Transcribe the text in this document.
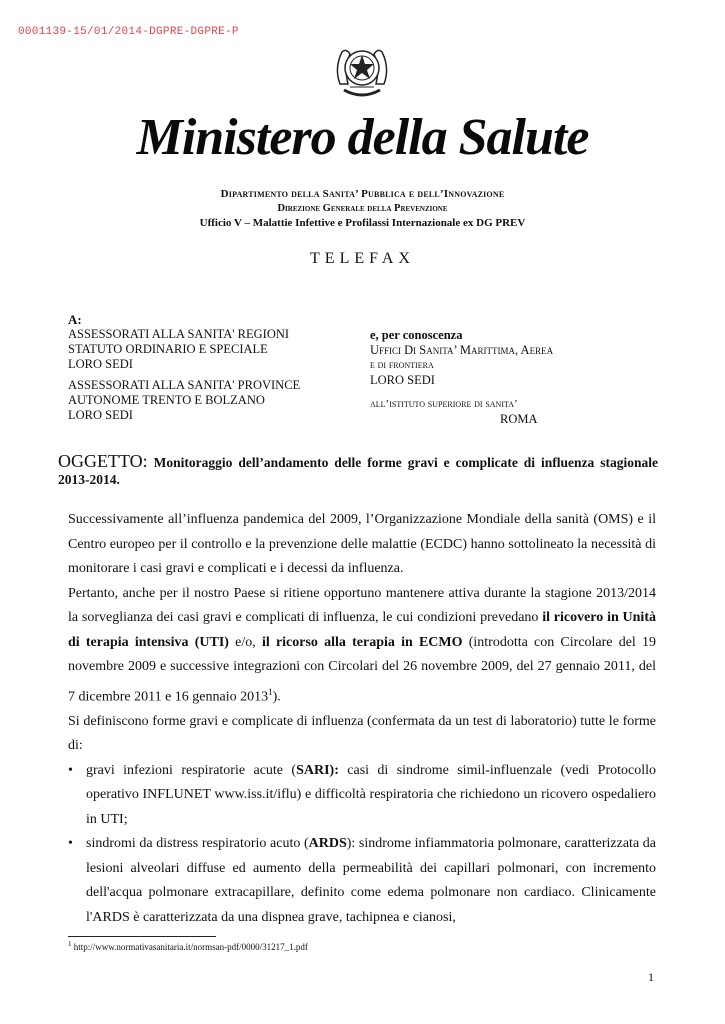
0001139-15/01/2014-DGPRE-DGPRE-P
Ministero della Salute
Dipartimento della Sanita’ Pubblica e dell’Innovazione
Direzione Generale della Prevenzione
Ufficio V – Malattie Infettive e Profilassi Internazionale ex DG PREV
TELEFAX
A:
ASSESSORATI ALLA SANITA' REGIONI
STATUTO ORDINARIO E SPECIALE
LORO SEDI
ASSESSORATI ALLA SANITA' PROVINCE
AUTONOME TRENTO E BOLZANO
LORO SEDI
e, per conoscenza
Uffici Di Sanita’ Marittima, Aerea
e di frontiera
LORO SEDI
all’istituto superiore di sanita’
ROMA
OGGETTO: Monitoraggio dell’andamento delle forme gravi e complicate di influenza stagionale 2013-2014.

Successivamente all’influenza pandemica del 2009, l’Organizzazione Mondiale della sanità (OMS) e il Centro europeo per il controllo e la prevenzione delle malattie (ECDC) hanno sottolineato la necessità di monitorare i casi gravi e complicati e i decessi da influenza.

Pertanto, anche per il nostro Paese si ritiene opportuno mantenere attiva durante la stagione 2013/2014 la sorveglianza dei casi gravi e complicati di influenza, le cui condizioni prevedano il ricovero in Unità di terapia intensiva (UTI) e/o, il ricorso alla terapia in ECMO (introdotta con Circolare del 19 novembre 2009 e successive integrazioni con Circolari del 26 novembre 2009, del 27 gennaio 2011, del 7 dicembre 2011 e 16 gennaio 2013$^1$).

Si definiscono forme gravi e complicate di influenza (confermata da un test di laboratorio) tutte le forme di:

• gravi infezioni respiratorie acute (SARI): casi di sindrome simil-influenzale (vedi Protocollo operativo INFLUNET www.iss.it/iflu) e difficoltà respiratoria che richiedono un ricovero ospedaliero in UTI;
• sindromi da distress respiratorio acuto (ARDS): sindrome infiammatoria polmonare, caratterizzata da lesioni alveolari diffuse ed aumento della permeabilità dei capillari polmonari, con incremento dell'acqua polmonare extracapillare, definito come edema polmonare non cardiaco. Clinicamente l'ARDS è caratterizzata da una dispnea grave, tachipnea e cianosi,
$^1$ http://www.normativasanitaria.it/normsan-pdf/0000/31217_1.pdf
1
